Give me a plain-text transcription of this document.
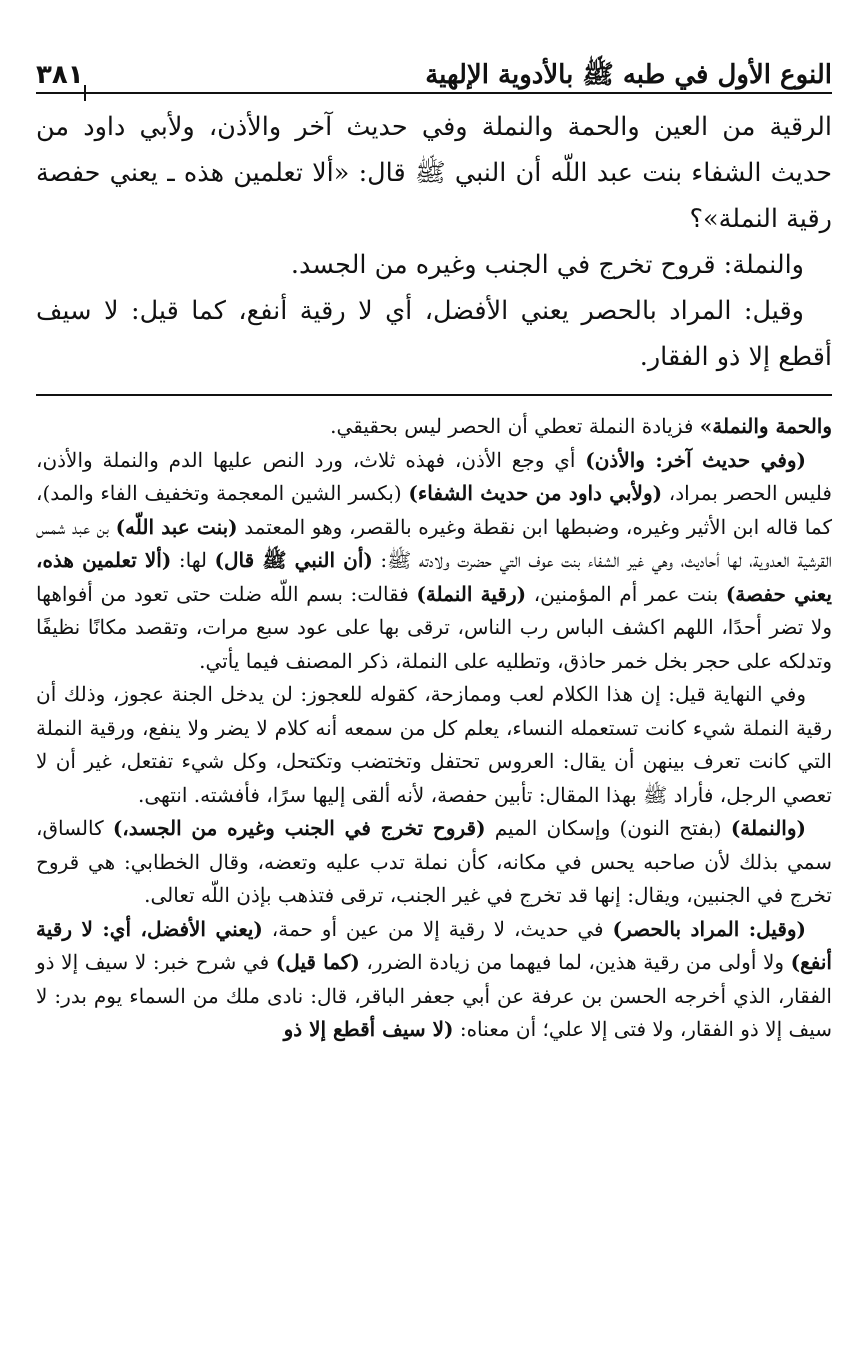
النوع الأول في طبه ﷺ بالأدوية الإلهية
٣٨١

الرقية من العين والحمة والنملة وفي حديث آخر والأذن، ولأبي داود من حديث الشفاء بنت عبد اللّه أن النبي ﷺ قال: «ألا تعلمين هذه ـ يعني حفصة رقية النملة»؟

والنملة: قروح تخرج في الجنب وغيره من الجسد.

وقيل: المراد بالحصر يعني الأفضل، أي لا رقية أنفع، كما قيل: لا سيف أقطع إلا ذو الفقار.

والحمة والنملة» فزيادة النملة تعطي أن الحصر ليس بحقيقي.

(وفي حديث آخر: والأذن) أي وجع الأذن، فهذه ثلاث، ورد النص عليها الدم والنملة والأذن، فليس الحصر بمراد، (ولأبي داود من حديث الشفاء) (بكسر الشين المعجمة وتخفيف الفاء والمد)، كما قاله ابن الأثير وغيره، وضبطها ابن نقطة وغيره بالقصر، وهو المعتمد (بنت عبد اللّه) بن عبد شمس القرشية العدوية، لها أحاديث، وهي غير الشفاء بنت عوف التي حضرت ولادته ﷺ: (أن النبي ﷺ قال) لها: (ألا تعلمين هذه، يعني حفصة) بنت عمر أم المؤمنين، (رقية النملة) فقالت: بسم اللّه ضلت حتى تعود من أفواهها ولا تضر أحدًا، اللهم اكشف الباس رب الناس، ترقى بها على عود سبع مرات، وتقصد مكانًا نظيفًا وتدلكه على حجر بخل خمر حاذق، وتطليه على النملة، ذكر المصنف فيما يأتي.

وفي النهاية قيل: إن هذا الكلام لعب وممازحة، كقوله للعجوز: لن يدخل الجنة عجوز، وذلك أن رقية النملة شيء كانت تستعمله النساء، يعلم كل من سمعه أنه كلام لا يضر ولا ينفع، ورقية النملة التي كانت تعرف بينهن أن يقال: العروس تحتفل وتختضب وتكتحل، وكل شيء تفتعل، غير أن لا تعصي الرجل، فأراد ﷺ بهذا المقال: تأبين حفصة، لأنه ألقى إليها سرًا، فأفشته. انتهى.

(والنملة) (بفتح النون) وإسكان الميم (قروح تخرج في الجنب وغيره من الجسد،) كالساق، سمي بذلك لأن صاحبه يحس في مكانه، كأن نملة تدب عليه وتعضه، وقال الخطابي: هي قروح تخرج في الجنبين، ويقال: إنها قد تخرج في غير الجنب، ترقى فتذهب بإذن اللّه تعالى.

(وقيل: المراد بالحصر) في حديث، لا رقية إلا من عين أو حمة، (يعني الأفضل، أي: لا رقية أنفع) ولا أولى من رقية هذين، لما فيهما من زيادة الضرر، (كما قيل) في شرح خبر: لا سيف إلا ذو الفقار، الذي أخرجه الحسن بن عرفة عن أبي جعفر الباقر، قال: نادى ملك من السماء يوم بدر: لا سيف إلا ذو الفقار، ولا فتى إلا علي؛ أن معناه: (لا سيف أقطع إلا ذو
